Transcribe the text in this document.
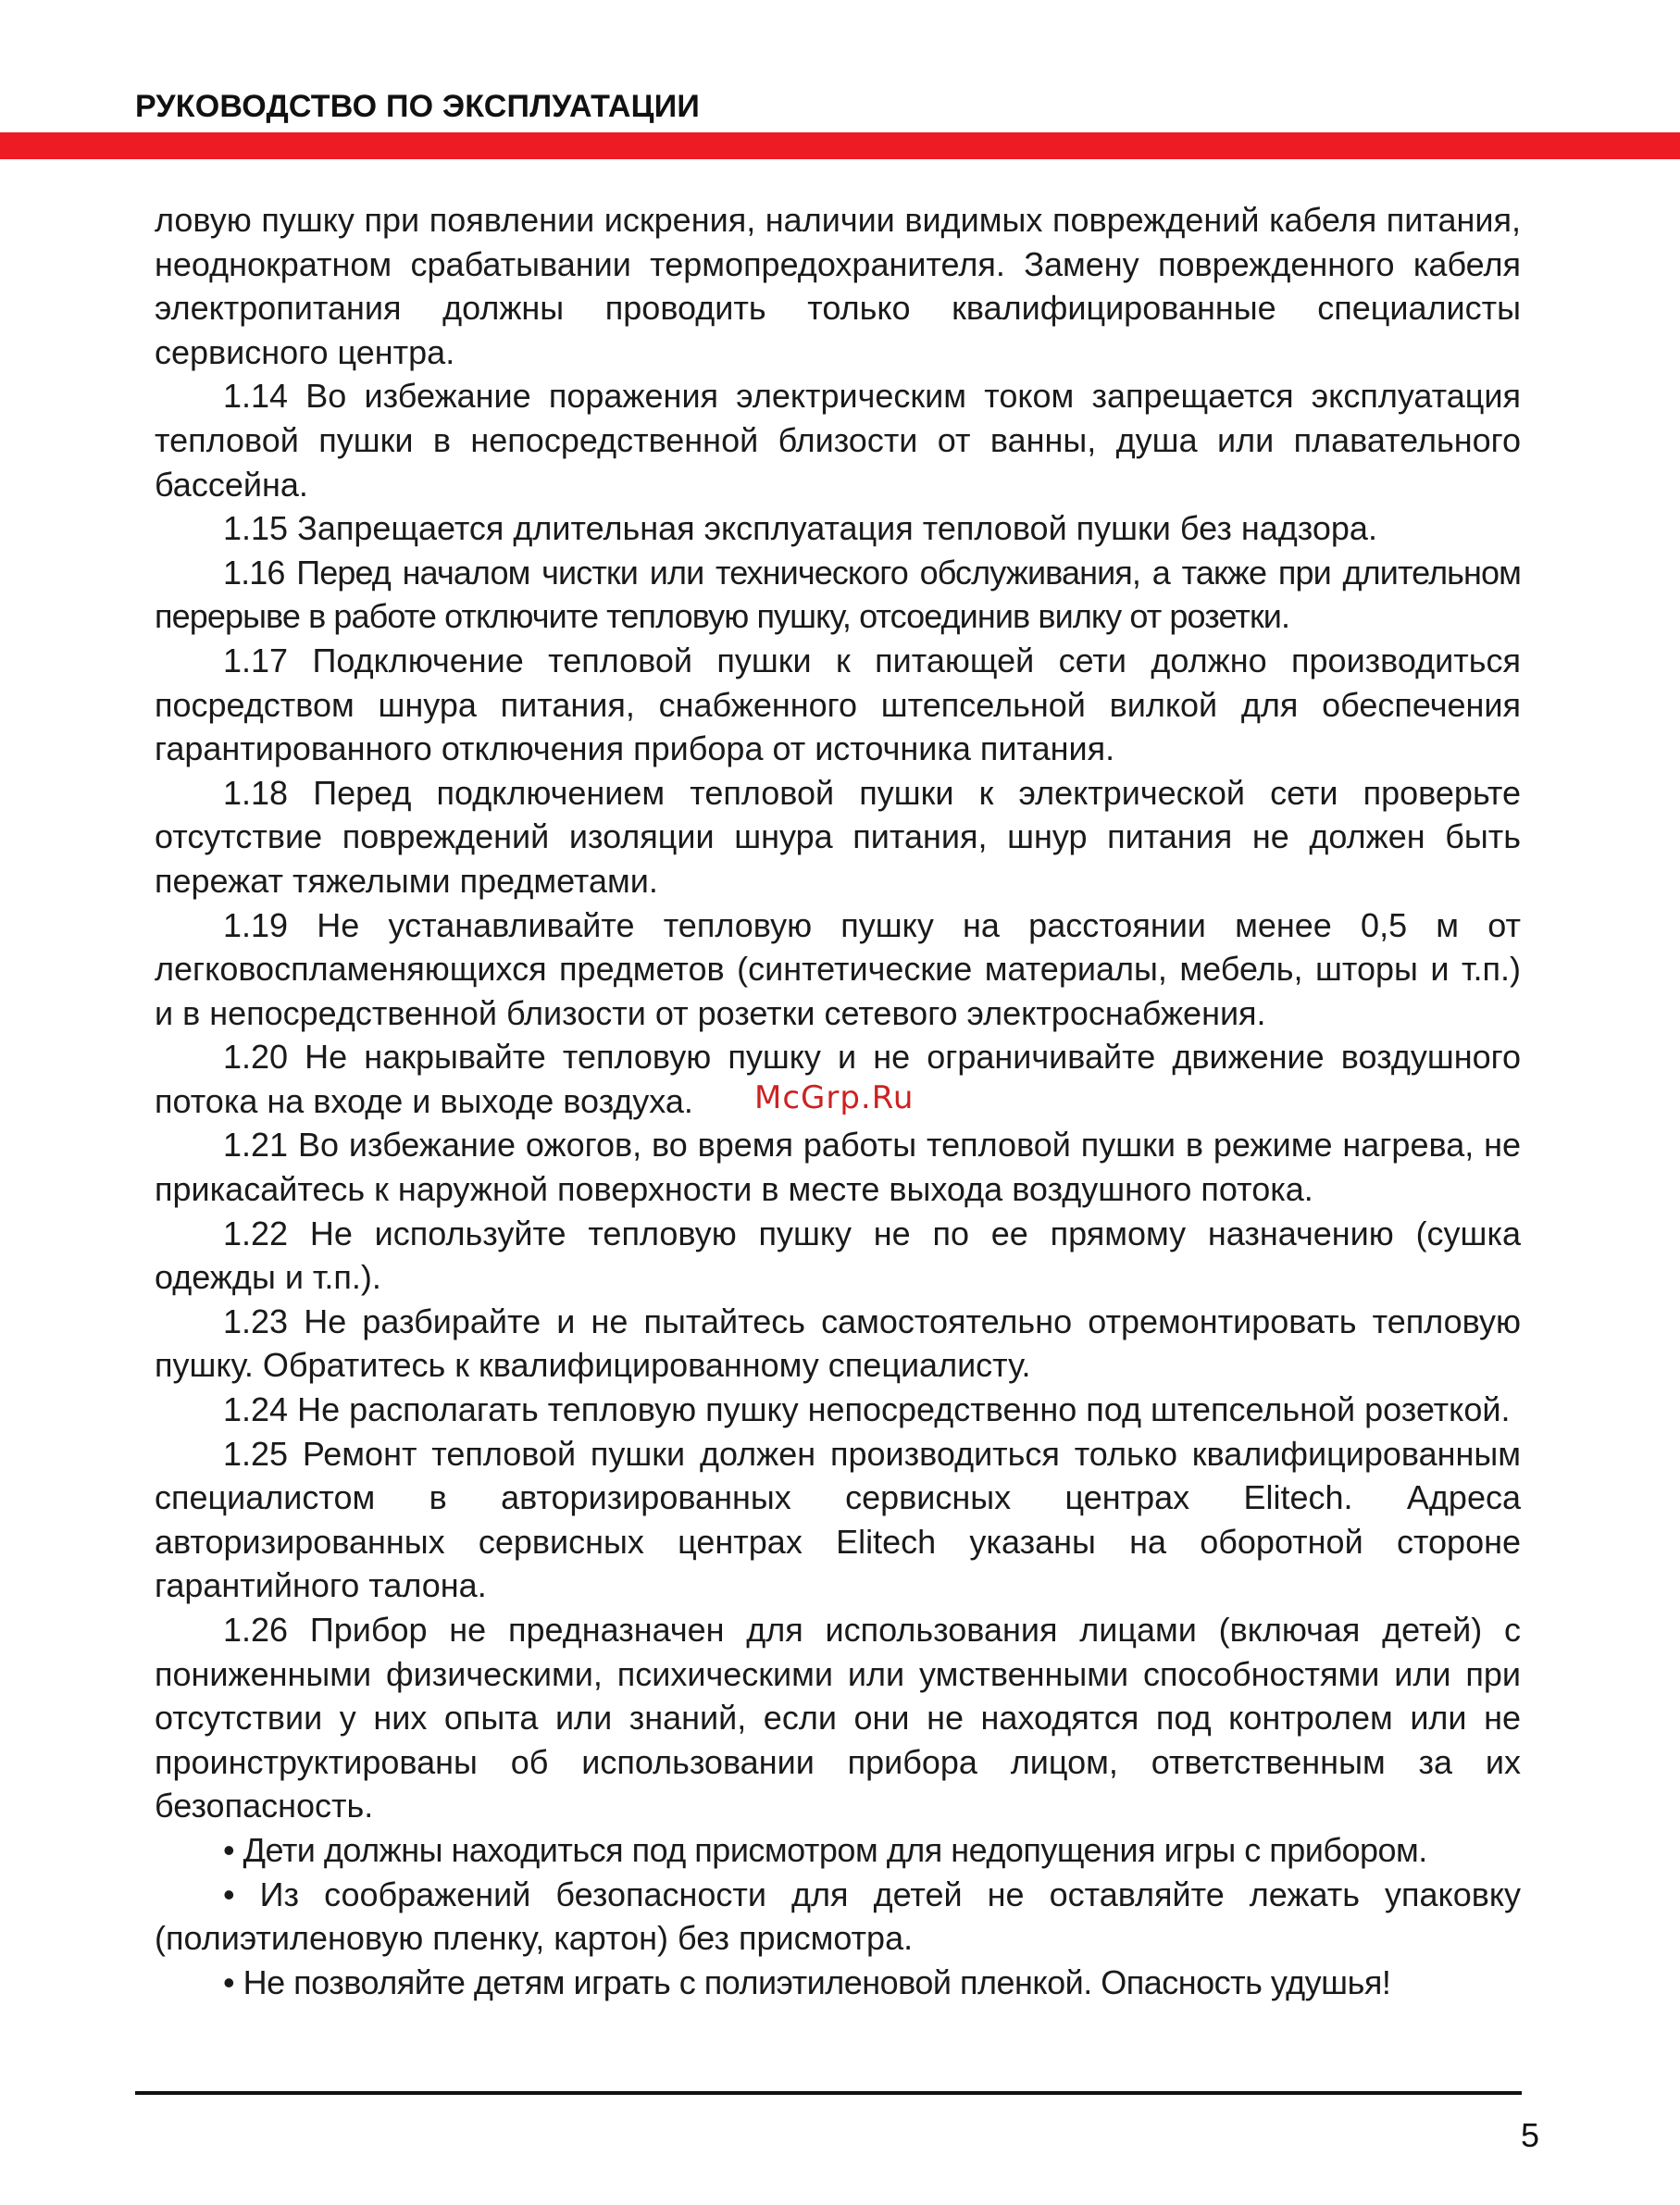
РУКОВОДСТВО ПО ЭКСПЛУАТАЦИИ

ловую пушку при появлении искрения, наличии видимых повреждений кабеля питания, неоднократном срабатывании термопредохранителя. Замену поврежденного кабеля электропитания должны проводить только квалифицированные специалисты сервисного центра.

1.14 Во избежание поражения электрическим током запрещается эксплуатация тепловой пушки в непосредственной близости от ванны, душа или плавательного бассейна.

1.15 Запрещается длительная эксплуатация тепловой пушки без надзора.

1.16 Перед началом чистки или технического обслуживания, а также при длительном перерыве в работе отключите тепловую пушку, отсоединив вилку от розетки.

1.17 Подключение тепловой пушки к питающей сети должно производиться посредством шнура питания, снабженного штепсельной вилкой для обеспечения гарантированного отключения прибора от источника питания.

1.18 Перед подключением тепловой пушки к электрической сети проверьте отсутствие повреждений изоляции шнура питания, шнур питания не должен быть пережат тяжелыми предметами.

1.19 Не устанавливайте тепловую пушку на расстоянии менее 0,5 м от легковоспламеняющихся предметов (синтетические материалы, мебель, шторы и т.п.) и в непосредственной близости от розетки сетевого электроснабжения.

1.20 Не накрывайте тепловую пушку и не ограничивайте движение воздушного потока на входе и выходе воздуха.

1.21 Во избежание ожогов, во время работы тепловой пушки в режиме нагрева, не прикасайтесь к наружной поверхности в месте выхода воздушного потока.

1.22 Не используйте тепловую пушку не по ее прямому назначению (сушка одежды и т.п.).

1.23 Не разбирайте и не пытайтесь самостоятельно отремонтировать тепловую пушку. Обратитесь к квалифицированному специалисту.

1.24 Не располагать тепловую пушку непосредственно под штепсельной розеткой.

1.25 Ремонт тепловой пушки должен производиться только квалифицированным специалистом в авторизированных сервисных центрах Elitech. Адреса авторизированных сервисных центрах Elitech указаны на оборотной стороне гарантийного талона.

1.26 Прибор не предназначен для использования лицами (включая детей) с пониженными физическими, психическими или умственными способностями или при отсутствии у них опыта или знаний, если они не находятся под контролем или не проинструктированы об использовании прибора лицом, ответственным за их безопасность.

• Дети должны находиться под присмотром для недопущения игры с прибором.

• Из соображений безопасности для детей не оставляйте лежать упаковку (полиэтиленовую пленку, картон) без присмотра.

• Не позволяйте детям играть с полиэтиленовой пленкой. Опасность удушья!

McGrp.Ru
5
